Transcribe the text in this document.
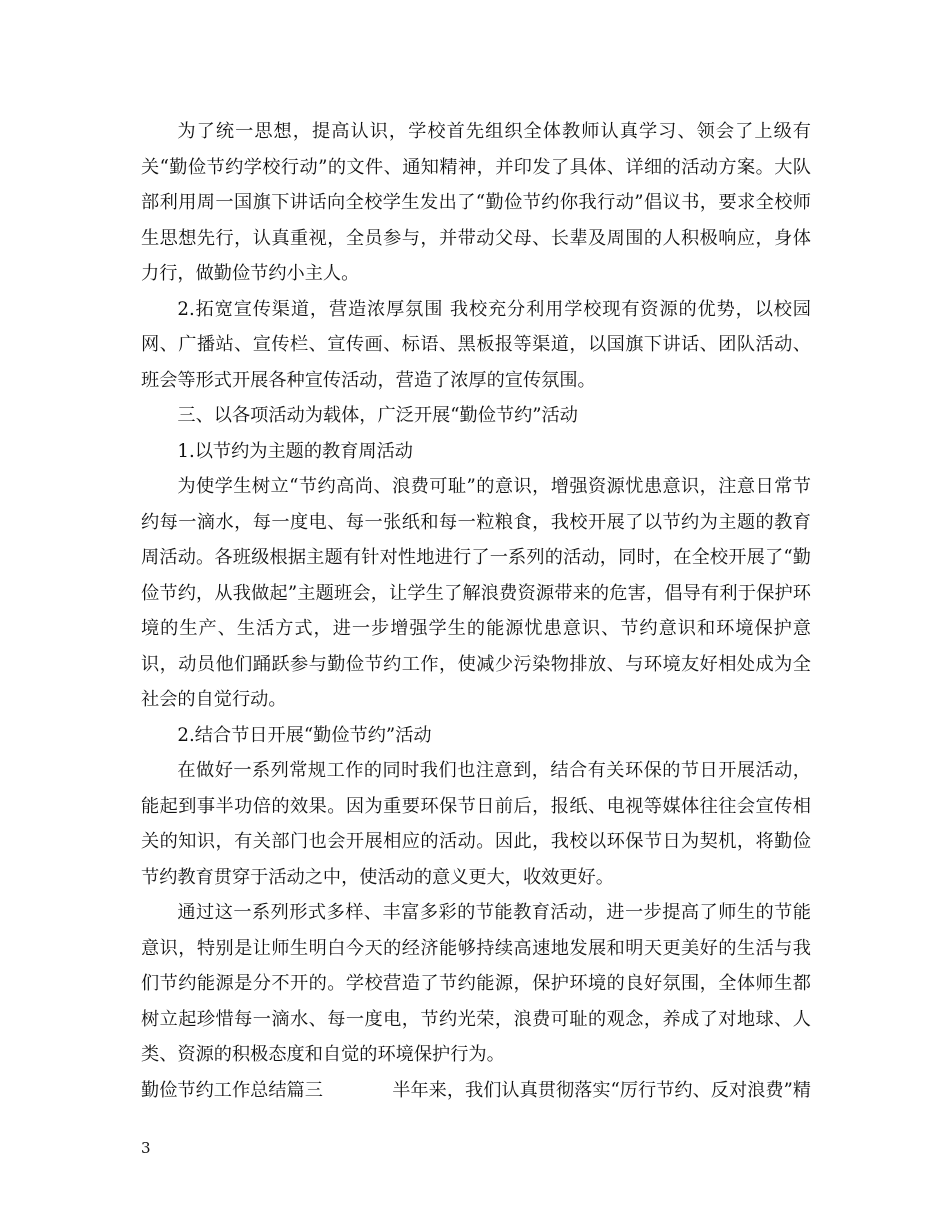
为了统一思想，提高认识，学校首先组织全体教师认真学习、领会了上级有关“勤俭节约学校行动”的文件、通知精神，并印发了具体、详细的活动方案。大队部利用周一国旗下讲话向全校学生发出了“勤俭节约你我行动”倡议书，要求全校师生思想先行，认真重视，全员参与，并带动父母、长辈及周围的人积极响应，身体力行，做勤俭节约小主人。

2.拓宽宣传渠道，营造浓厚氛围 我校充分利用学校现有资源的优势，以校园网、广播站、宣传栏、宣传画、标语、黑板报等渠道，以国旗下讲话、团队活动、班会等形式开展各种宣传活动，营造了浓厚的宣传氛围。

三、以各项活动为载体，广泛开展“勤俭节约”活动

1.以节约为主题的教育周活动

为使学生树立“节约高尚、浪费可耻”的意识，增强资源忧患意识，注意日常节约每一滴水，每一度电、每一张纸和每一粒粮食，我校开展了以节约为主题的教育周活动。各班级根据主题有针对性地进行了一系列的活动，同时，在全校开展了“勤俭节约，从我做起”主题班会，让学生了解浪费资源带来的危害，倡导有利于保护环境的生产、生活方式，进一步增强学生的能源忧患意识、节约意识和环境保护意识，动员他们踊跃参与勤俭节约工作，使减少污染物排放、与环境友好相处成为全社会的自觉行动。

2.结合节日开展“勤俭节约”活动

在做好一系列常规工作的同时我们也注意到，结合有关环保的节日开展活动，能起到事半功倍的效果。因为重要环保节日前后，报纸、电视等媒体往往会宣传相关的知识，有关部门也会开展相应的活动。因此，我校以环保节日为契机，将勤俭节约教育贯穿于活动之中，使活动的意义更大，收效更好。

通过这一系列形式多样、丰富多彩的节能教育活动，进一步提高了师生的节能意识，特别是让师生明白今天的经济能够持续高速地发展和明天更美好的生活与我们节约能源是分不开的。学校营造了节约能源，保护环境的良好氛围，全体师生都树立起珍惜每一滴水、每一度电，节约光荣，浪费可耻的观念，养成了对地球、人类、资源的积极态度和自觉的环境保护行为。

勤俭节约工作总结篇三	半年来，我们认真贯彻落实“厉行节约、反对浪费”精
3
